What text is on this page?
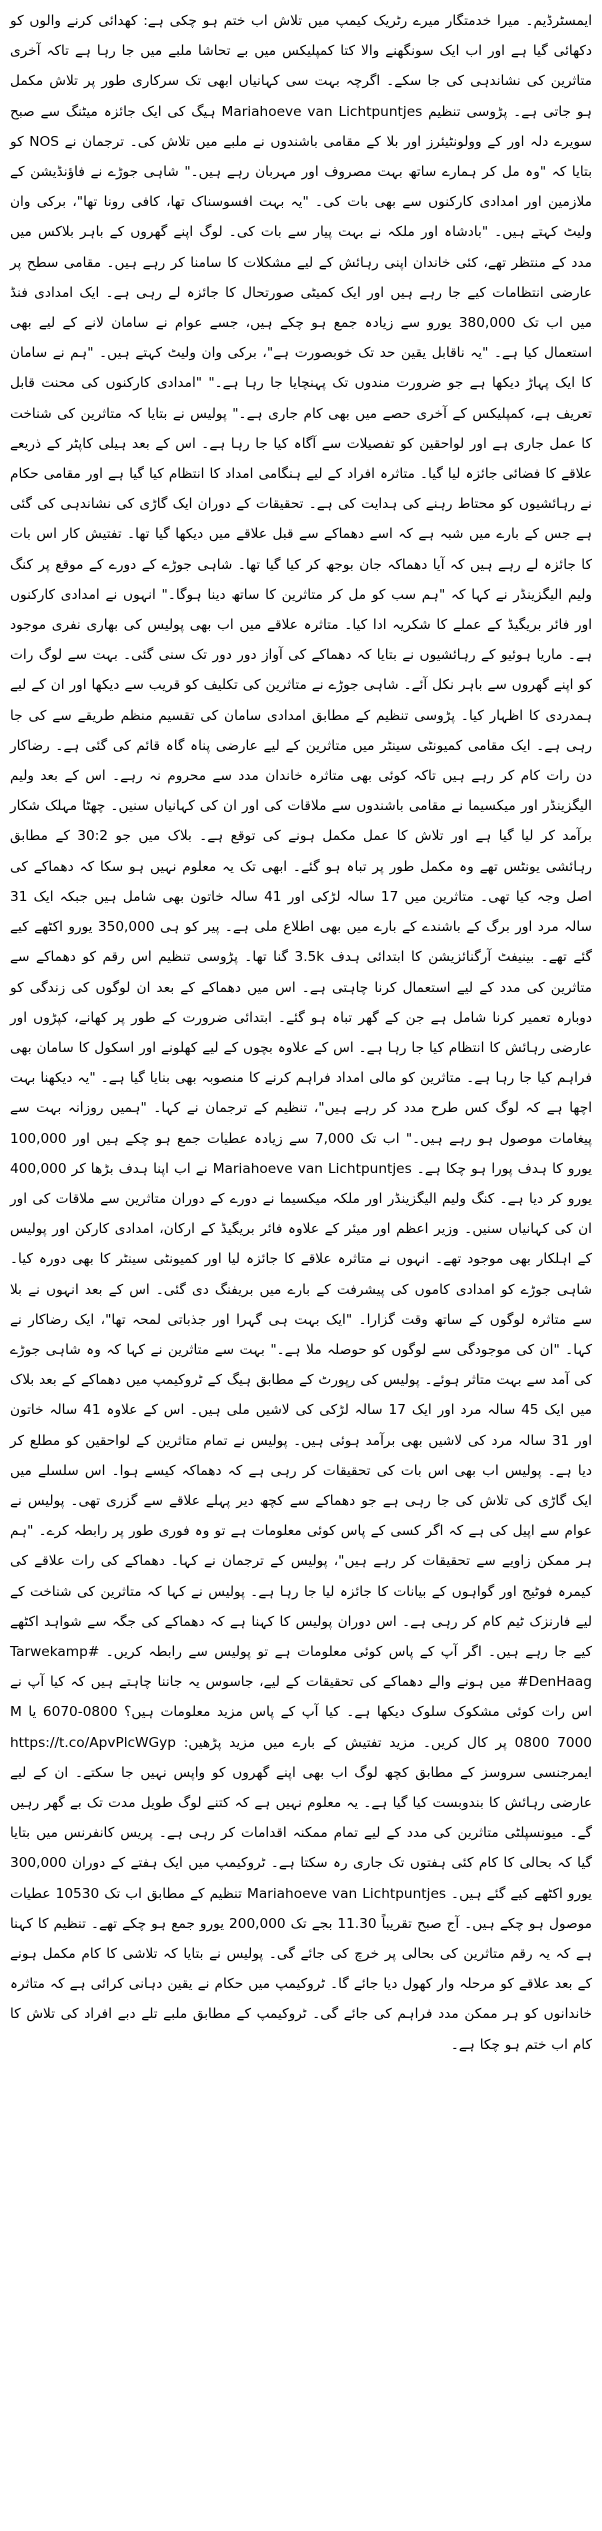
ایمسٹرڈیم۔ میرا خدمتگار میرے رٹریک کیمپ میں تلاش اب ختم ہو چکی ہے: کھدائی کرنے والوں کو دکھائی گیا ہے اور اب ایک سونگھنے والا کتا کمپلیکس میں بے تحاشا ملبے میں جا رہا ہے تاکہ آخری متاثرین کی نشاندہی کی جا سکے۔ اگرچہ بہت سی کہانیاں ابھی تک سرکاری طور پر تلاش مکمل ہو جاتی ہے۔ پڑوسی تنظیم Mariahoeve van Lichtpuntjes ہیگ کی ایک جائزہ میٹنگ سے صبح سویرے دلہ اور کے وولونٹیئرز اور بلا کے مقامی باشندوں نے ملبے میں تلاش کی۔ ترجمان نے NOS کو بتایا کہ "وہ مل کر ہمارے ساتھ بہت مصروف اور مہربان رہے ہیں۔" شاہی جوڑے نے فاؤنڈیشن کے ملازمین اور امدادی کارکنوں سے بھی بات کی۔ "یہ بہت افسوسناک تھا، کافی رونا تھا"، برکی وان ولیٹ کہتے ہیں۔ "بادشاہ اور ملکہ نے بہت پیار سے بات کی۔ لوگ اپنے گھروں کے باہر بلاکس میں مدد کے منتظر تھے، کئی خاندان اپنی رہائش کے لیے مشکلات کا سامنا کر رہے ہیں۔ مقامی سطح پر عارضی انتظامات کیے جا رہے ہیں اور ایک کمیٹی صورتحال کا جائزہ لے رہی ہے۔ ایک امدادی فنڈ میں اب تک 380,000 یورو سے زیادہ جمع ہو چکے ہیں، جسے عوام نے سامان لانے کے لیے بھی استعمال کیا ہے۔ "یہ ناقابل یقین حد تک خوبصورت ہے"، برکی وان ولیٹ کہتے ہیں۔ "ہم نے سامان کا ایک پہاڑ دیکھا ہے جو ضرورت مندوں تک پہنچایا جا رہا ہے۔" "امدادی کارکنوں کی محنت قابل تعریف ہے، کمپلیکس کے آخری حصے میں بھی کام جاری ہے۔" پولیس نے بتایا کہ متاثرین کی شناخت کا عمل جاری ہے اور لواحقین کو تفصیلات سے آگاہ کیا جا رہا ہے۔ اس کے بعد ہیلی کاپٹر کے ذریعے علاقے کا فضائی جائزہ لیا گیا۔ متاثرہ افراد کے لیے ہنگامی امداد کا انتظام کیا گیا ہے اور مقامی حکام نے رہائشیوں کو محتاط رہنے کی ہدایت کی ہے۔ تحقیقات کے دوران ایک گاڑی کی نشاندہی کی گئی ہے جس کے بارے میں شبہ ہے کہ اسے دھماکے سے قبل علاقے میں دیکھا گیا تھا۔ تفتیش کار اس بات کا جائزہ لے رہے ہیں کہ آیا دھماکہ جان بوجھ کر کیا گیا تھا۔ شاہی جوڑے کے دورے کے موقع پر کنگ ولیم الیگزینڈر نے کہا کہ "ہم سب کو مل کر متاثرین کا ساتھ دینا ہوگا۔" انہوں نے امدادی کارکنوں اور فائر بریگیڈ کے عملے کا شکریہ ادا کیا۔ متاثرہ علاقے میں اب بھی پولیس کی بھاری نفری موجود ہے۔ ماریا ہوئیو کے رہائشیوں نے بتایا کہ دھماکے کی آواز دور دور تک سنی گئی۔ بہت سے لوگ رات کو اپنے گھروں سے باہر نکل آئے۔ شاہی جوڑے نے متاثرین کی تکلیف کو قریب سے دیکھا اور ان کے لیے ہمدردی کا اظہار کیا۔ پڑوسی تنظیم کے مطابق امدادی سامان کی تقسیم منظم طریقے سے کی جا رہی ہے۔ ایک مقامی کمیونٹی سینٹر میں متاثرین کے لیے عارضی پناہ گاہ قائم کی گئی ہے۔ رضاکار دن رات کام کر رہے ہیں تاکہ کوئی بھی متاثرہ خاندان مدد سے محروم نہ رہے۔ اس کے بعد ولیم الیگزینڈر اور میکسیما نے مقامی باشندوں سے ملاقات کی اور ان کی کہانیاں سنیں۔ چھٹا مہلک شکار برآمد کر لیا گیا ہے اور تلاش کا عمل مکمل ہونے کی توقع ہے۔ بلاک میں جو 30:2 کے مطابق رہائشی یونٹس تھے وہ مکمل طور پر تباہ ہو گئے۔ ابھی تک یہ معلوم نہیں ہو سکا کہ دھماکے کی اصل وجہ کیا تھی۔ متاثرین میں 17 سالہ لڑکی اور 41 سالہ خاتون بھی شامل ہیں جبکہ ایک 31 سالہ مرد اور برگ کے باشندے کے بارے میں بھی اطلاع ملی ہے۔ پیر کو ہی 350,000 یورو اکٹھے کیے گئے تھے۔ بینیفٹ آرگنائزیشن کا ابتدائی ہدف 3.5k گنا تھا۔ پڑوسی تنظیم اس رقم کو دھماکے سے متاثرین کی مدد کے لیے استعمال کرنا چاہتی ہے۔ اس میں دھماکے کے بعد ان لوگوں کی زندگی کو دوبارہ تعمیر کرنا شامل ہے جن کے گھر تباہ ہو گئے۔ ابتدائی ضرورت کے طور پر کھانے، کپڑوں اور عارضی رہائش کا انتظام کیا جا رہا ہے۔ اس کے علاوہ بچوں کے لیے کھلونے اور اسکول کا سامان بھی فراہم کیا جا رہا ہے۔ متاثرین کو مالی امداد فراہم کرنے کا منصوبہ بھی بنایا گیا ہے۔ "یہ دیکھنا بہت اچھا ہے کہ لوگ کس طرح مدد کر رہے ہیں"، تنظیم کے ترجمان نے کہا۔ "ہمیں روزانہ بہت سے پیغامات موصول ہو رہے ہیں۔" اب تک 7,000 سے زیادہ عطیات جمع ہو چکے ہیں اور 100,000 یورو کا ہدف پورا ہو چکا ہے۔ Mariahoeve van Lichtpuntjes نے اب اپنا ہدف بڑھا کر 400,000 یورو کر دیا ہے۔ کنگ ولیم الیگزینڈر اور ملکہ میکسیما نے دورے کے دوران متاثرین سے ملاقات کی اور ان کی کہانیاں سنیں۔ وزیر اعظم اور میئر کے علاوہ فائر بریگیڈ کے ارکان، امدادی کارکن اور پولیس کے اہلکار بھی موجود تھے۔ انہوں نے متاثرہ علاقے کا جائزہ لیا اور کمیونٹی سینٹر کا بھی دورہ کیا۔ شاہی جوڑے کو امدادی کاموں کی پیشرفت کے بارے میں بریفنگ دی گئی۔ اس کے بعد انہوں نے بلا سے متاثرہ لوگوں کے ساتھ وقت گزارا۔ "ایک بہت ہی گہرا اور جذباتی لمحہ تھا"، ایک رضاکار نے کہا۔ "ان کی موجودگی سے لوگوں کو حوصلہ ملا ہے۔" بہت سے متاثرین نے کہا کہ وہ شاہی جوڑے کی آمد سے بہت متاثر ہوئے۔ پولیس کی رپورٹ کے مطابق ہیگ کے ٹروکیمپ میں دھماکے کے بعد بلاک میں ایک 45 سالہ مرد اور ایک 17 سالہ لڑکی کی لاشیں ملی ہیں۔ اس کے علاوہ 41 سالہ خاتون اور 31 سالہ مرد کی لاشیں بھی برآمد ہوئی ہیں۔ پولیس نے تمام متاثرین کے لواحقین کو مطلع کر دیا ہے۔ پولیس اب بھی اس بات کی تحقیقات کر رہی ہے کہ دھماکہ کیسے ہوا۔ اس سلسلے میں ایک گاڑی کی تلاش کی جا رہی ہے جو دھماکے سے کچھ دیر پہلے علاقے سے گزری تھی۔ پولیس نے عوام سے اپیل کی ہے کہ اگر کسی کے پاس کوئی معلومات ہے تو وہ فوری طور پر رابطہ کرے۔ "ہم ہر ممکن زاویے سے تحقیقات کر رہے ہیں"، پولیس کے ترجمان نے کہا۔ دھماکے کی رات علاقے کی کیمرہ فوٹیج اور گواہوں کے بیانات کا جائزہ لیا جا رہا ہے۔ پولیس نے کہا کہ متاثرین کی شناخت کے لیے فارنزک ٹیم کام کر رہی ہے۔ اس دوران پولیس کا کہنا ہے کہ دھماکے کی جگہ سے شواہد اکٹھے کیے جا رہے ہیں۔ اگر آپ کے پاس کوئی معلومات ہے تو پولیس سے رابطہ کریں۔ #Tarwekamp #DenHaag میں ہونے والے دھماکے کی تحقیقات کے لیے، جاسوس یہ جاننا چاہتے ہیں کہ کیا آپ نے اس رات کوئی مشکوک سلوک دیکھا ہے۔ کیا آپ کے پاس مزید معلومات ہیں؟ 0800-6070 یا M 0800 7000 پر کال کریں۔ مزید تفتیش کے بارے میں مزید پڑھیں: https://t.co/ApvPlcWGyp ایمرجنسی سروسز کے مطابق کچھ لوگ اب بھی اپنے گھروں کو واپس نہیں جا سکتے۔ ان کے لیے عارضی رہائش کا بندوبست کیا گیا ہے۔ یہ معلوم نہیں ہے کہ کتنے لوگ طویل مدت تک بے گھر رہیں گے۔ میونسپلٹی متاثرین کی مدد کے لیے تمام ممکنہ اقدامات کر رہی ہے۔ پریس کانفرنس میں بتایا گیا کہ بحالی کا کام کئی ہفتوں تک جاری رہ سکتا ہے۔ ٹروکیمپ میں ایک ہفتے کے دوران 300,000 یورو اکٹھے کیے گئے ہیں۔ Mariahoeve van Lichtpuntjes تنظیم کے مطابق اب تک 10530 عطیات موصول ہو چکے ہیں۔ آج صبح تقریباً 11.30 بجے تک 200,000 یورو جمع ہو چکے تھے۔ تنظیم کا کہنا ہے کہ یہ رقم متاثرین کی بحالی پر خرچ کی جائے گی۔ پولیس نے بتایا کہ تلاشی کا کام مکمل ہونے کے بعد علاقے کو مرحلہ وار کھول دیا جائے گا۔ ٹروکیمپ میں حکام نے یقین دہانی کرائی ہے کہ متاثرہ خاندانوں کو ہر ممکن مدد فراہم کی جائے گی۔ ٹروکیمپ کے مطابق ملبے تلے دبے افراد کی تلاش کا کام اب ختم ہو چکا ہے۔
